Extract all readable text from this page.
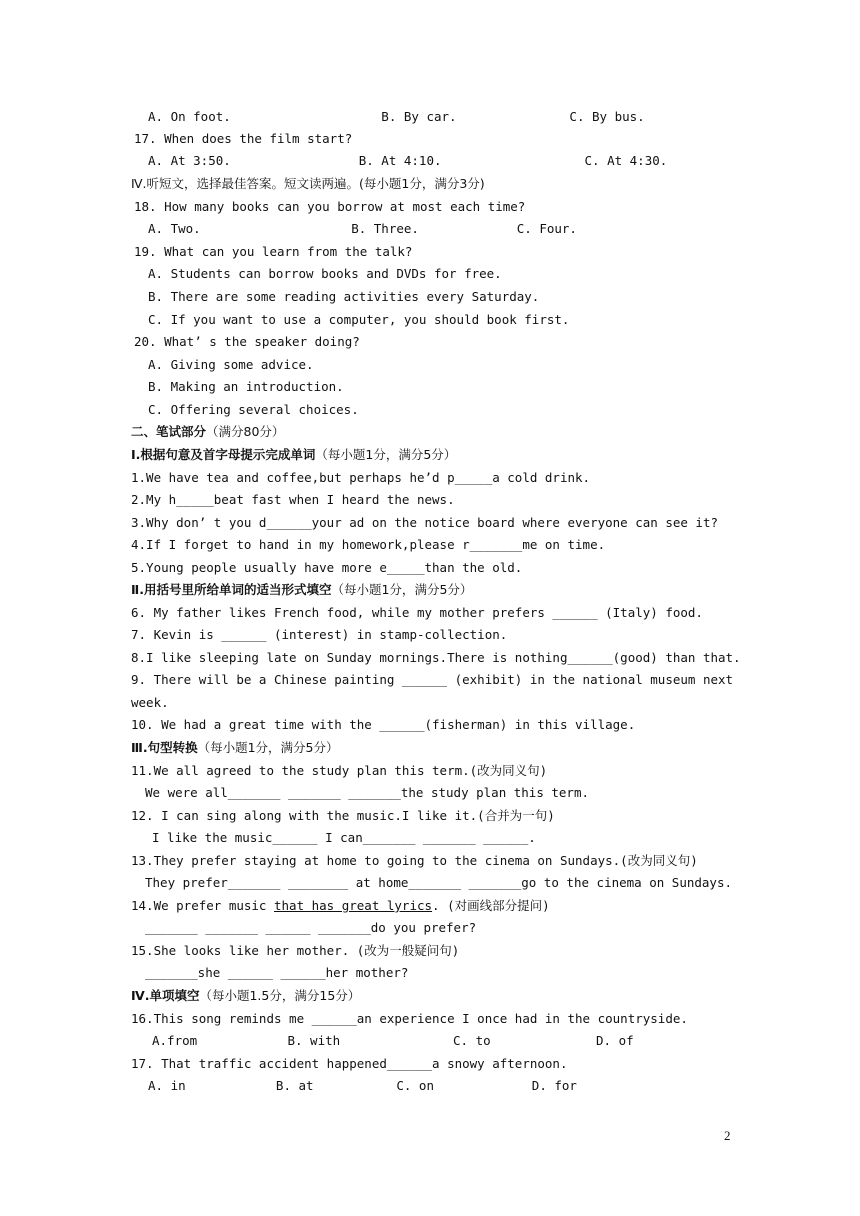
A. On foot.                    B. By car.               C. By bus.
17. When does the film start?
A. At 3:50.                 B. At 4:10.                   C. At 4:30.
Ⅳ.听短文，选择最佳答案。短文读两遍。(每小题1分，满分3分)
18. How many books can you borrow at most each time?
A. Two.                    B. Three.             C. Four.
19. What can you learn from the talk?
A. Students can borrow books and DVDs for free.
B. There are some reading activities every Saturday.
C. If you want to use a computer, you should book first.
20. What’ s the speaker doing?
A. Giving some advice.
B. Making an introduction.
C. Offering several choices.
二、笔试部分（满分80分）
Ⅰ.根据句意及首字母提示完成单词（每小题1分，满分5分）
1.We have tea and coffee,but perhaps he’d p_____a cold drink.
2.My h_____beat fast when I heard the news.
3.Why don’ t you d______your ad on the notice board where everyone can see it?
4.If I forget to hand in my homework,please r_______me on time.
5.Young people usually have more e_____than the old.
Ⅱ.用括号里所给单词的适当形式填空（每小题1分，满分5分）
6. My father likes French food, while my mother prefers ______ (Italy) food.
7. Kevin is ______ (interest) in stamp-collection.
8.I like sleeping late on Sunday mornings.There is nothing______(good) than that.
9. There will be a Chinese painting ______ (exhibit) in the national museum next
week.
10. We had a great time with the ______(fisherman) in this village.
Ⅲ.句型转换（每小题1分，满分5分）
11.We all agreed to the study plan this term.(改为同义句)
We were all_______ _______ _______the study plan this term.
12. I can sing along with the music.I like it.(合并为一句)
I like the music______ I can_______ _______ ______.
13.They prefer staying at home to going to the cinema on Sundays.(改为同义句)
They prefer_______ ________ at home_______ _______go to the cinema on Sundays.
14.We prefer music that has great lyrics. (对画线部分提问)
_______ _______ ______ _______do you prefer?
15.She looks like her mother. (改为一般疑问句)
_______she ______ ______her mother?
Ⅳ.单项填空（每小题1.5分，满分15分）
16.This song reminds me ______an experience I once had in the countryside.
A.from            B. with               C. to              D. of
17. That traffic accident happened______a snowy afternoon.
A. in            B. at           C. on             D. for
2
